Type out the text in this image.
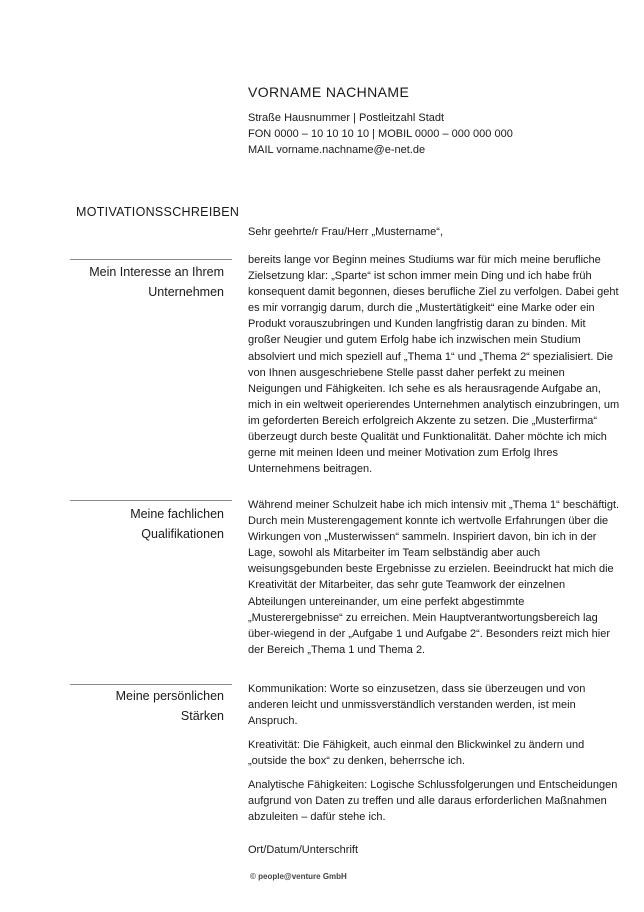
VORNAME NACHNAME
Straße Hausnummer | Postleitzahl Stadt
FON 0000 – 10 10 10 10 | MOBIL 0000 – 000 000 000
MAIL vorname.nachname@e-net.de
MOTIVATIONSSCHREIBEN
Sehr geehrte/r Frau/Herr „Mustername“,
Mein Interesse an Ihrem
Unternehmen
bereits lange vor Beginn meines Studiums war für mich meine berufliche Zielsetzung klar: „Sparte“ ist schon immer mein Ding und ich habe früh konsequent damit begonnen, dieses berufliche Ziel zu verfolgen. Dabei geht es mir vorrangig darum, durch die „Mustertätigkeit“ eine Marke oder ein Produkt vorauszubringen und Kunden langfristig daran zu binden. Mit großer Neugier und gutem Erfolg habe ich inzwischen mein Studium absolviert und mich speziell auf „Thema 1“ und „Thema 2“ spezialisiert. Die von Ihnen ausgeschriebene Stelle passt daher perfekt zu meinen Neigungen und Fähigkeiten. Ich sehe es als herausragende Aufgabe an, mich in ein weltweit operierendes Unternehmen analytisch einzubringen, um im geforderten Bereich erfolgreich Akzente zu setzen. Die „Musterfirma“ überzeugt durch beste Qualität und Funktionalität. Daher möchte ich mich gerne mit meinen Ideen und meiner Motivation zum Erfolg Ihres Unternehmens beitragen.
Meine fachlichen
Qualifikationen
Während meiner Schulzeit habe ich mich intensiv mit „Thema 1“ beschäftigt. Durch mein Musterengagement konnte ich wertvolle Erfahrungen über die Wirkungen von „Musterwissen“ sammeln. Inspiriert davon, bin ich in der Lage, sowohl als Mitarbeiter im Team selbständig aber auch weisungsgebunden beste Ergebnisse zu erzielen. Beeindruckt hat mich die Kreativität der Mitarbeiter, das sehr gute Teamwork der einzelnen Abteilungen untereinander, um eine perfekt abgestimmte „Musterergebnisse“ zu erreichen. Mein Hauptverantwortungsbereich lag über-wiegend in der „Aufgabe 1 und Aufgabe 2“. Besonders reizt mich hier der Bereich „Thema 1 und Thema 2.
Meine persönlichen
Stärken

Kommunikation: Worte so einzusetzen, dass sie überzeugen und von anderen leicht und unmissverständlich verstanden werden, ist mein Anspruch.

Kreativität: Die Fähigkeit, auch einmal den Blickwinkel zu ändern und „outside the box“ zu denken, beherrsche ich.

Analytische Fähigkeiten: Logische Schlussfolgerungen und Entscheidungen aufgrund von Daten zu treffen und alle daraus erforderlichen Maßnahmen abzuleiten – dafür stehe ich.

Ort/Datum/Unterschrift
© people@venture GmbH
